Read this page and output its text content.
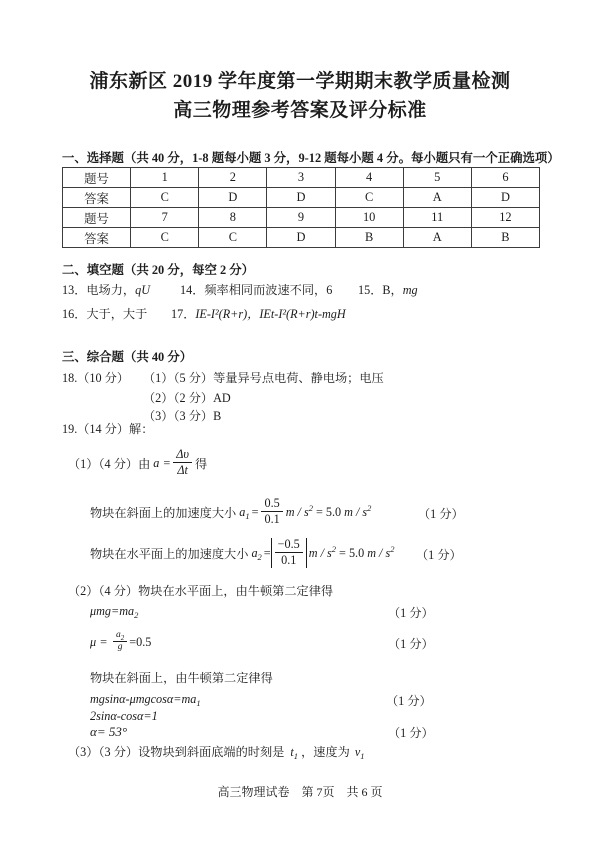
浦东新区 2019 学年度第一学期期末教学质量检测
高三物理参考答案及评分标准
一、选择题（共 40 分，1-8 题每小题 3 分，9-12 题每小题 4 分。每小题只有一个正确选项）
题号	1	2	3	4	5	6
答案	C	D	D	C	A	D
题号	7	8	9	10	11	12
答案	C	C	D	B	A	B
二、填空题（共 20 分，每空 2 分）
13．电场力，qU	14．频率相同而波速不同，6	15．B，mg
16．大于，大于	17．IE-I²(R+r)，IEt-I²(R+r)t-mgH
三、综合题（共 40 分）
18.（10 分）	（1）（5 分）等量异号点电荷、静电场；电压
（2）（2 分）AD
（3）（3 分）B
19.（14 分）解：
（1）（4 分）由 $a = \frac{\Delta\upsilon}{\Delta t}$ 得
物块在斜面上的加速度大小 $a_1 = \frac{0.5}{0.1}$ $m / s^2 = 5.0$ m / $s^2$	（1 分）
物块在水平面上的加速度大小 $a_2 = \frac{-0.5}{0.1}$ $m / s^2 = 5.0$ m / $s^2$ （1 分）
（2）（4 分）物块在水平面上，由牛顿第二定律得
$\mu mg=ma_2$	（1 分）
$\mu = \frac{a_2}{g} =0.5$	（1 分）
物块在斜面上，由牛顿第二定律得
mgsinα-$\mu mgcos\alpha=ma_1$	（1 分）
2sinα-cosα=1
α= 53°	（1 分）
（3）（3 分）设物块到斜面底端的时刻是 $t_1$ ，速度为 $v_1$
高三物理试卷　第 7页　共 6 页
